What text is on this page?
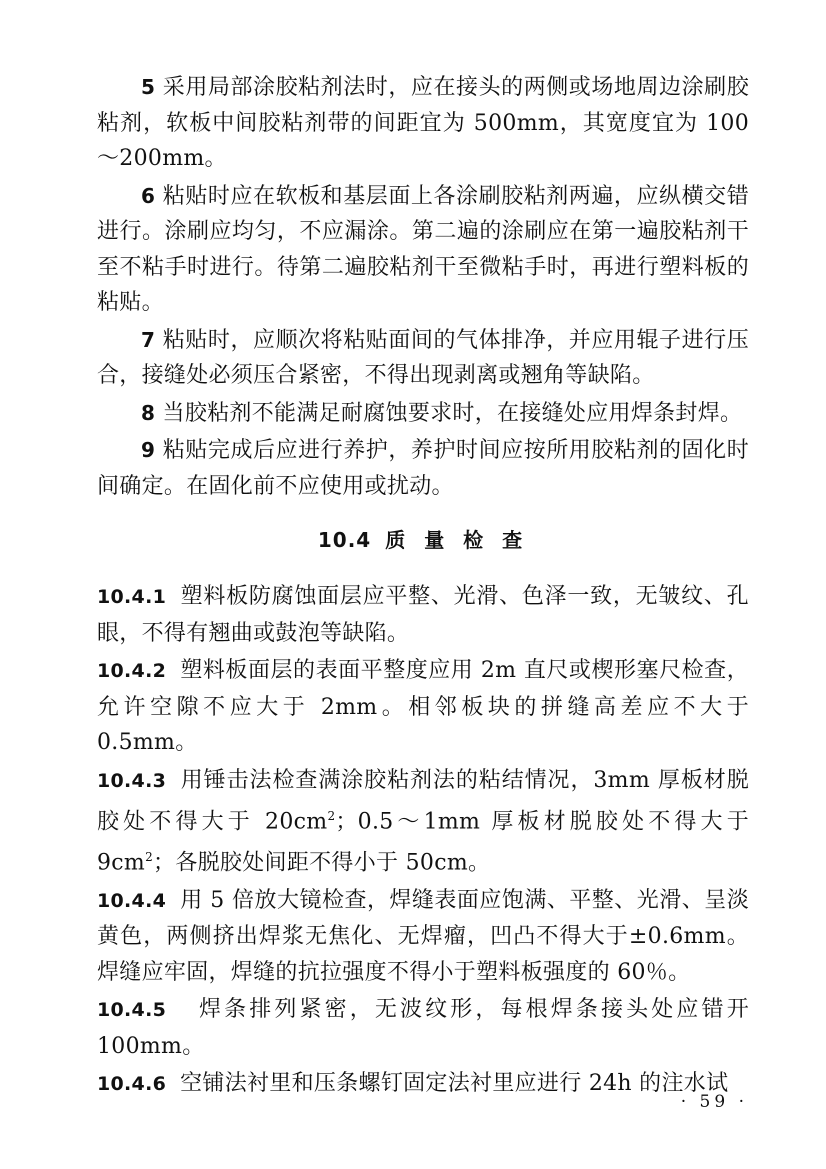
5 采用局部涂胶粘剂法时，应在接头的两侧或场地周边涂刷胶粘剂，软板中间胶粘剂带的间距宜为 500mm，其宽度宜为 100～200mm。

6 粘贴时应在软板和基层面上各涂刷胶粘剂两遍，应纵横交错进行。涂刷应均匀，不应漏涂。第二遍的涂刷应在第一遍胶粘剂干至不粘手时进行。待第二遍胶粘剂干至微粘手时，再进行塑料板的粘贴。

7 粘贴时，应顺次将粘贴面间的气体排净，并应用辊子进行压合，接缝处必须压合紧密，不得出现剥离或翘角等缺陷。

8 当胶粘剂不能满足耐腐蚀要求时，在接缝处应用焊条封焊。

9 粘贴完成后应进行养护，养护时间应按所用胶粘剂的固化时间确定。在固化前不应使用或扰动。

10.4 质 量 检 查

10.4.1 塑料板防腐蚀面层应平整、光滑、色泽一致，无皱纹、孔眼，不得有翘曲或鼓泡等缺陷。

10.4.2 塑料板面层的表面平整度应用 2m 直尺或楔形塞尺检查，允许空隙不应大于 2mm。相邻板块的拼缝高差应不大于 0.5mm。

10.4.3 用锤击法检查满涂胶粘剂法的粘结情况，3mm 厚板材脱胶处不得大于 $20cm^2$；0.5～1mm 厚板材脱胶处不得大于 $9cm^2$；各脱胶处间距不得小于 50cm。

10.4.4 用 5 倍放大镜检查，焊缝表面应饱满、平整、光滑、呈淡黄色，两侧挤出焊浆无焦化、无焊瘤，凹凸不得大于±0.6mm。焊缝应牢固，焊缝的抗拉强度不得小于塑料板强度的 60％。

10.4.5 焊条排列紧密，无波纹形，每根焊条接头处应错开 100mm。

10.4.6 空铺法衬里和压条螺钉固定法衬里应进行 24h 的注水试

· 59 ·
